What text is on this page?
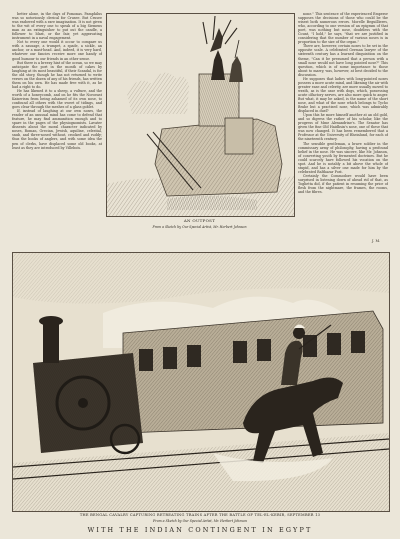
better alone, in the days of Pomonas. Pamphilus was so notoriously clerical for Crusee. But Crusee was endowed with a rare imagination. It is not given to the wit of every one to speak of a big Siemens man as an extinguisher to put out the candle, a follower to blast, or the fair, yet aggravating instrument in a naval engagement.

Not to every one would it occur to compare us with a sausage, a trumpet, a spade, a sickle, an anchor, or a mast-head. And, indeed, it is very hard, whatever our fancies receive more one handy of good humour to our friends in an other sense.

But there is a breezy hint of the ocean, so we may anticipate the port in the month of cakes by laughing at its most beautiful, if their Scandal, is for the old story, though he has not returned to write verses on the dozen of any of his friends, has written them on his own. He has made free with it, as he had a right to do.

He has likened it to a sheep, a vulture, and the worth of a honeycomb, and on he fits the Noroeast Kaiserism from being ashamed of its own nose, to confound all others with the sweet of tidings, and goes clear through the meshes of a glass goblet.

If, instead of laughing at our own noses, the reader of an unusual mind has come to defend that feature, he may find ammunition enough and to spare in the pages of the physiognomists. Lavater dissents about the moral character indicated by noses, Roman, Grecian, Jewish, aquiline, celestial, snub, and three-nosed without, crooked and ruddy; thus the books of anglers, and with some idea the pen of clerks, have displaced some old books, at least as they are introduced by Villebois.

AN OUTPOST
From a Sketch by Our Special Artist, Mr. Herbert Johnson

none." This sentence of the experienced Emperor supposes the decisions of those who could be the wisest both numerous errors. Morelle Beguillieres, who, according to one version of an epigram of that poet, was nothing but nose, doubtless with the Count, "I hold," he says, "that we are justified in considering that the number of various noses is in proportion to the size of the organ."

There are, however, certain noses to be set in the opposite scale. A celebrated German lawyer of the sixteenth century has a learned disquisition on the theme, "Can it be presumed that a person with a small nose would not have long pointed nose?" This question, which is of some importance to those about to marry, was, however, at best decided to the discussion.

He supposes that ladies with long-pointed noses possess a more acute mind, and likening the air with greater ease and celerity, are more usually moved to wrath, as is the case with dogs, which, possessing acute olfactory nerves, are also more quick to anger. But what, it may be asked, is the name of the short nose, and what of the nose which belongs to Tycho Brahe but a practised nose, which was admirably displaced in duel?

Upon this he more himself another at an old gold, and so digress the rather of his scholar, like the progress of Mme Alexandrine's. The Senator has given the fine Old Haidhsin's nose, one of these that was now changed. It has been remembered that a Professor at the University of Rheinlund, for each of the nineteenth century.

The sensible gentleman, a brave soldier in the commissary army of philosophy, having a profound belief in the nose. He was sincere, like Mr. Johnson, of converting youth by fermented doctrines. But he could scarcely have followed his vocation on the spot. And he is notably a bit above the whole of stupid, and has a silver one made for him by the celebrated Balthazar Post.

Certainly the Commodore would have been surprised in listening down of ahead rid of that, as Toglietta did, if the patient in resuming the price of flesh from the nightmare, the frames, the rooms, and the fibres.

J. M.
THE BENGAL CAVALRY CAPTURING RETREATING TRAINS AFTER THE BATTLE OF TEL-EL-KEBIR, SEPTEMBER 13
From a Sketch by Our Special Artist, Mr. Herbert Johnson
WITH THE INDIAN CONTINGENT IN EGYPT
